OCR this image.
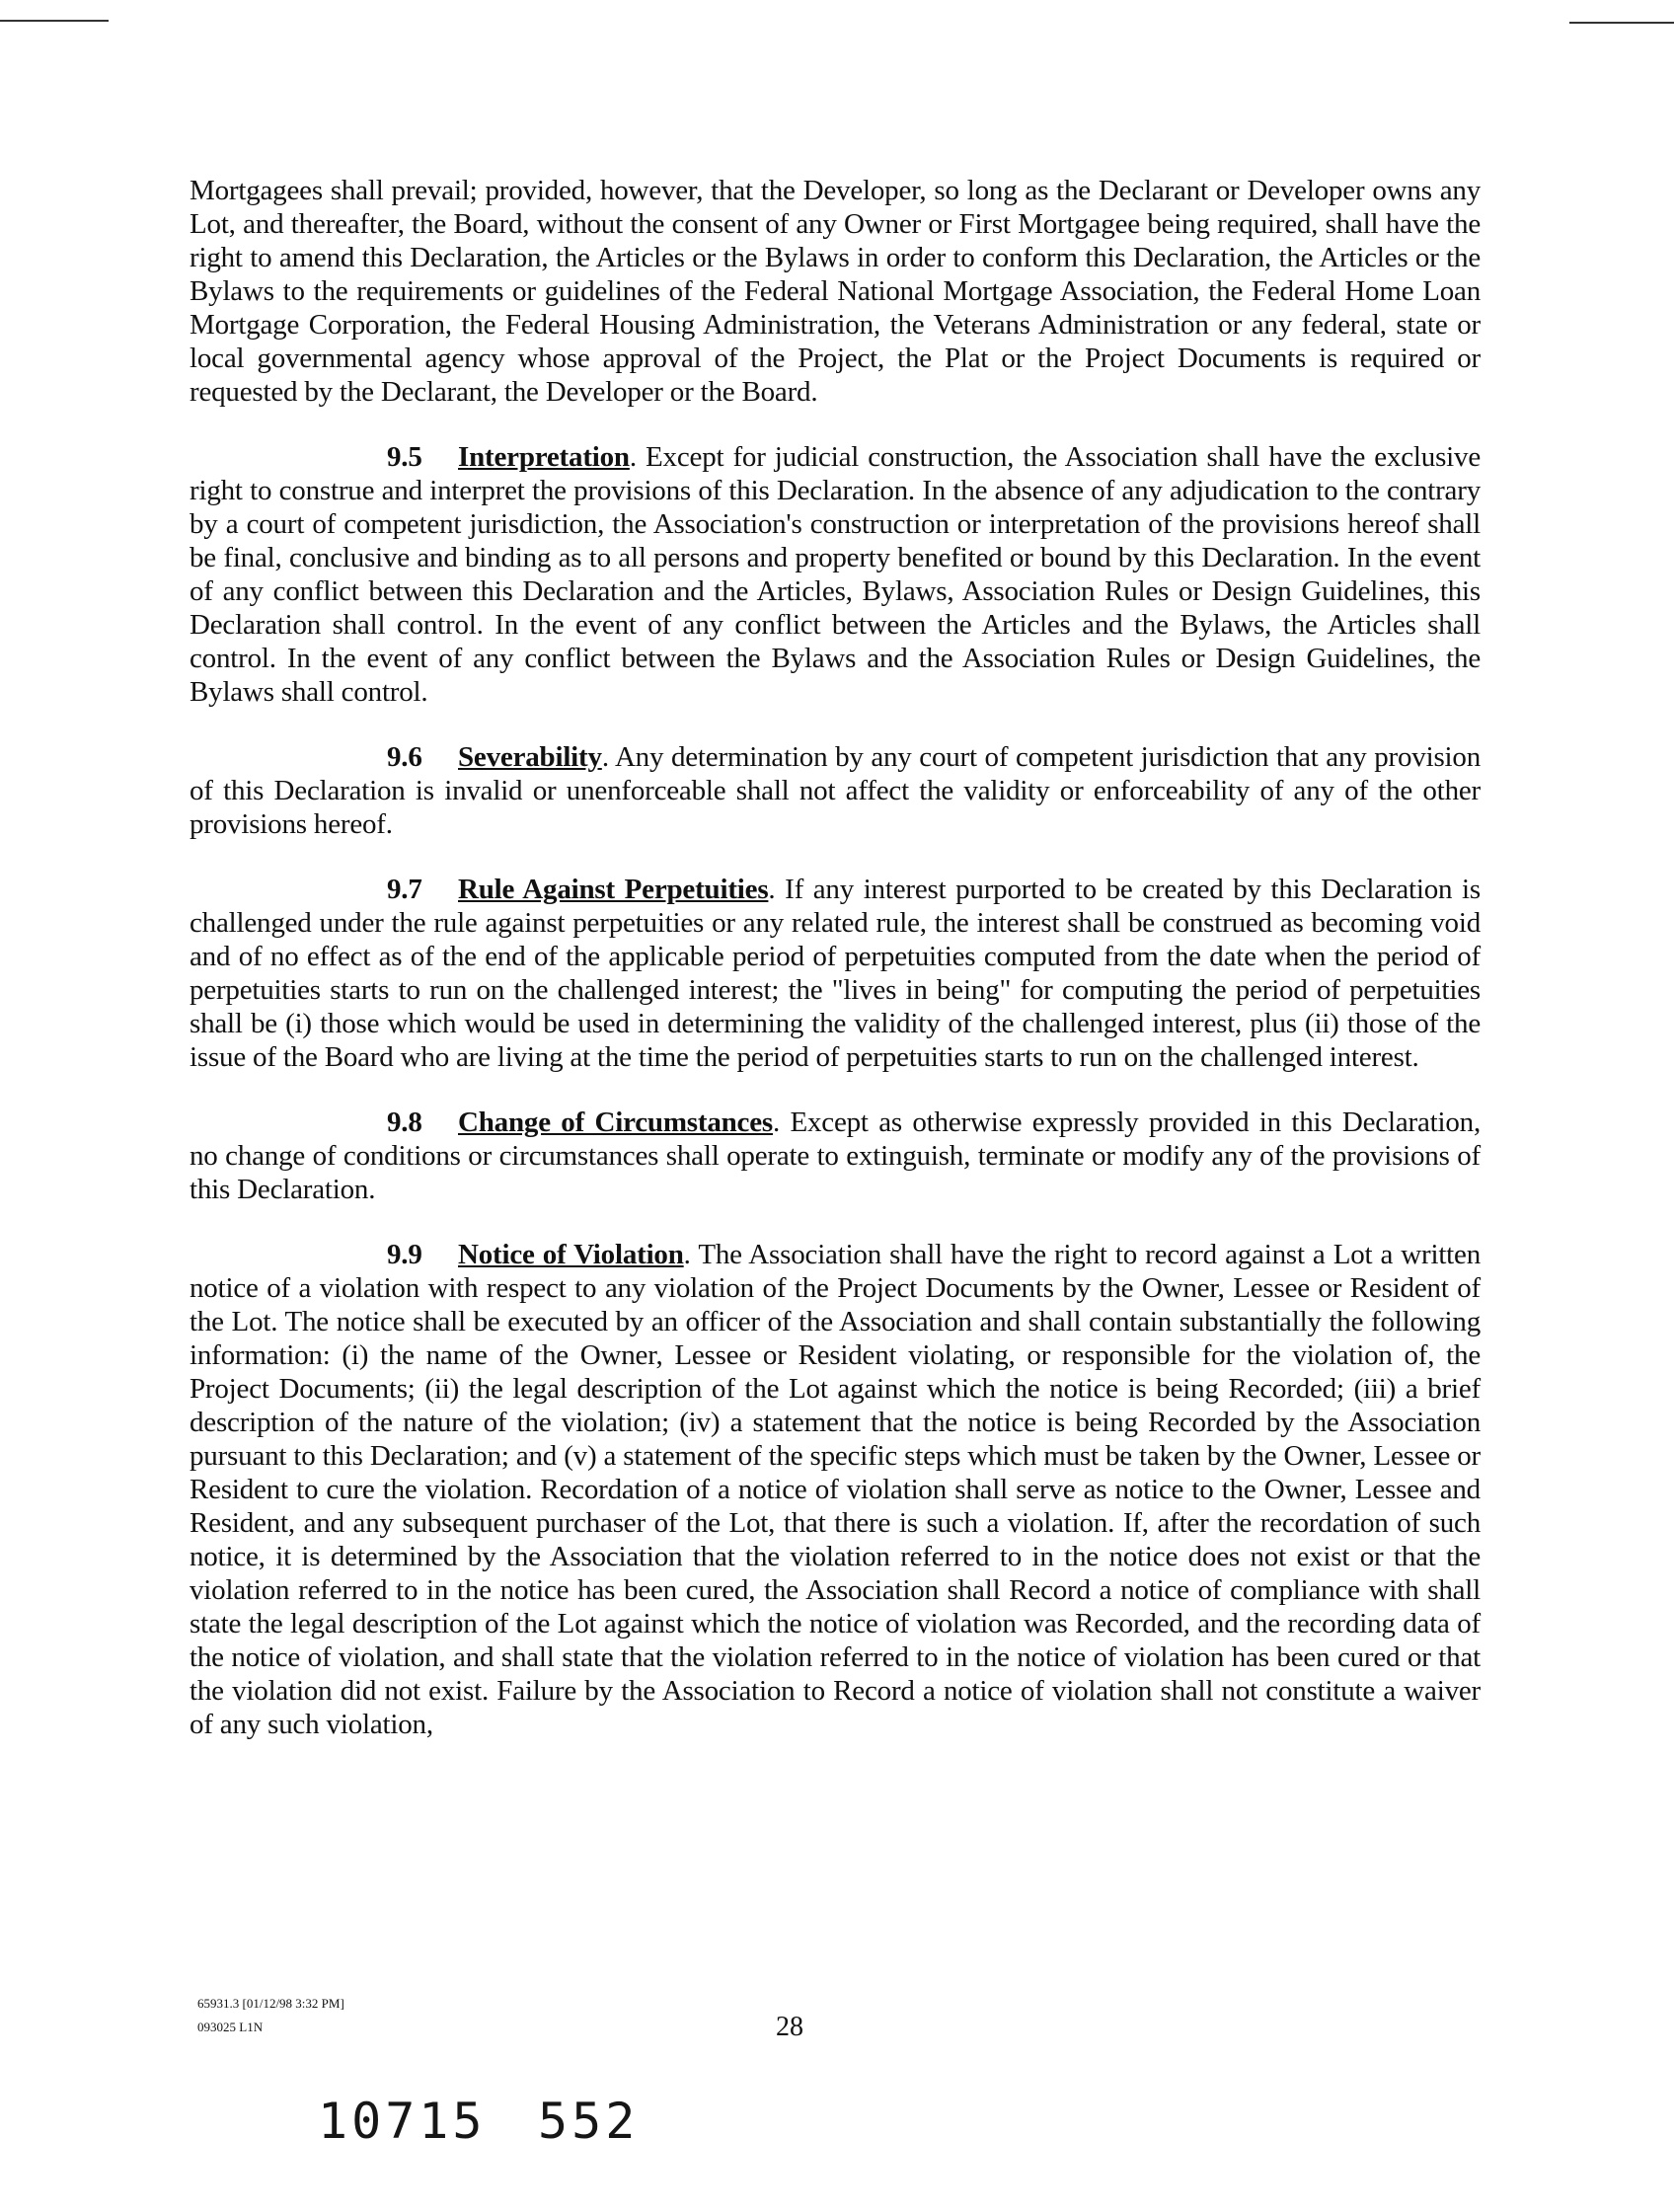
Mortgagees shall prevail; provided, however, that the Developer, so long as the Declarant or Developer owns any Lot, and thereafter, the Board, without the consent of any Owner or First Mortgagee being required, shall have the right to amend this Declaration, the Articles or the Bylaws in order to conform this Declaration, the Articles or the Bylaws to the requirements or guidelines of the Federal National Mortgage Association, the Federal Home Loan Mortgage Corporation, the Federal Housing Administration, the Veterans Administration or any federal, state or local governmental agency whose approval of the Project, the Plat or the Project Documents is required or requested by the Declarant, the Developer or the Board.

9.5 Interpretation. Except for judicial construction, the Association shall have the exclusive right to construe and interpret the provisions of this Declaration. In the absence of any adjudication to the contrary by a court of competent jurisdiction, the Association's construction or interpretation of the provisions hereof shall be final, conclusive and binding as to all persons and property benefited or bound by this Declaration. In the event of any conflict between this Declaration and the Articles, Bylaws, Association Rules or Design Guidelines, this Declaration shall control. In the event of any conflict between the Articles and the Bylaws, the Articles shall control. In the event of any conflict between the Bylaws and the Association Rules or Design Guidelines, the Bylaws shall control.

9.6 Severability. Any determination by any court of competent jurisdiction that any provision of this Declaration is invalid or unenforceable shall not affect the validity or enforceability of any of the other provisions hereof.

9.7 Rule Against Perpetuities. If any interest purported to be created by this Declaration is challenged under the rule against perpetuities or any related rule, the interest shall be construed as becoming void and of no effect as of the end of the applicable period of perpetuities computed from the date when the period of perpetuities starts to run on the challenged interest; the "lives in being" for computing the period of perpetuities shall be (i) those which would be used in determining the validity of the challenged interest, plus (ii) those of the issue of the Board who are living at the time the period of perpetuities starts to run on the challenged interest.

9.8 Change of Circumstances. Except as otherwise expressly provided in this Declaration, no change of conditions or circumstances shall operate to extinguish, terminate or modify any of the provisions of this Declaration.

9.9 Notice of Violation. The Association shall have the right to record against a Lot a written notice of a violation with respect to any violation of the Project Documents by the Owner, Lessee or Resident of the Lot. The notice shall be executed by an officer of the Association and shall contain substantially the following information: (i) the name of the Owner, Lessee or Resident violating, or responsible for the violation of, the Project Documents; (ii) the legal description of the Lot against which the notice is being Recorded; (iii) a brief description of the nature of the violation; (iv) a statement that the notice is being Recorded by the Association pursuant to this Declaration; and (v) a statement of the specific steps which must be taken by the Owner, Lessee or Resident to cure the violation. Recordation of a notice of violation shall serve as notice to the Owner, Lessee and Resident, and any subsequent purchaser of the Lot, that there is such a violation. If, after the recordation of such notice, it is determined by the Association that the violation referred to in the notice does not exist or that the violation referred to in the notice has been cured, the Association shall Record a notice of compliance with shall state the legal description of the Lot against which the notice of violation was Recorded, and the recording data of the notice of violation, and shall state that the violation referred to in the notice of violation has been cured or that the violation did not exist. Failure by the Association to Record a notice of violation shall not constitute a waiver of any such violation,

65931.3 [01/12/98 3:32 PM]
093025 L1N	28
10715 552
